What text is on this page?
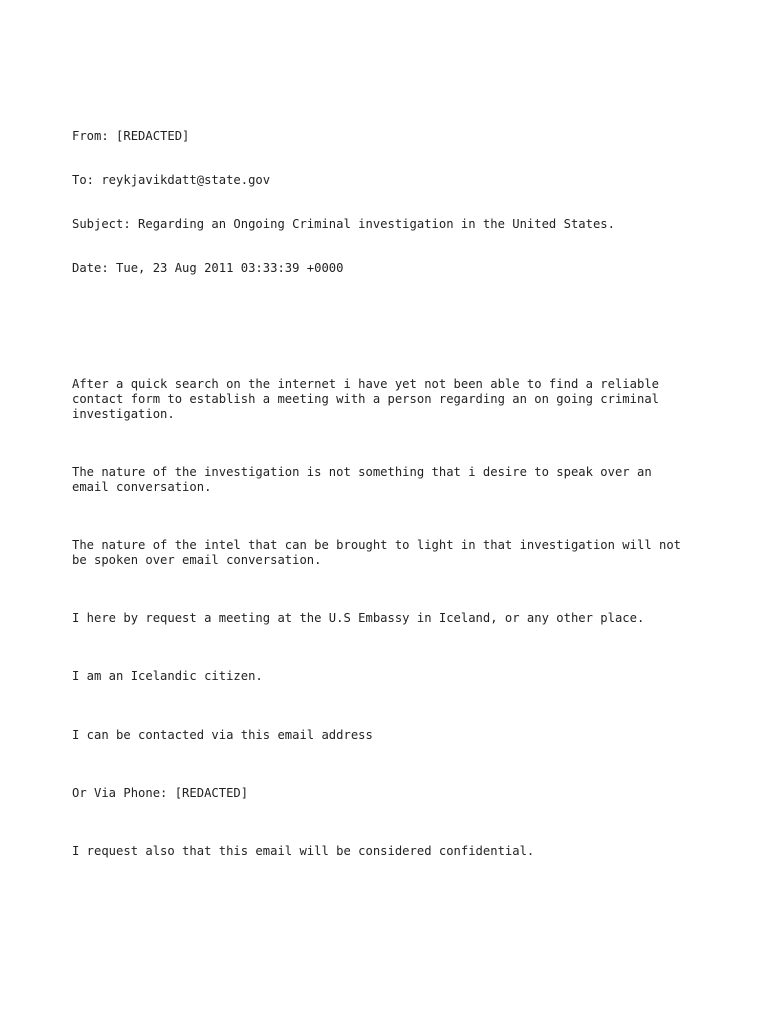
From: [REDACTED]

To: reykjavikdatt@state.gov

Subject: Regarding an Ongoing Criminal investigation in the United States.

Date: Tue, 23 Aug 2011 03:33:39 +0000

After a quick search on the internet i have yet not been able to find a reliable
contact form to establish a meeting with a person regarding an on going criminal
investigation.

The nature of the investigation is not something that i desire to speak over an
email conversation.

The nature of the intel that can be brought to light in that investigation will not
be spoken over email conversation.

I here by request a meeting at the U.S Embassy in Iceland, or any other place.

I am an Icelandic citizen.

I can be contacted via this email address

Or Via Phone: [REDACTED]

I request also that this email will be considered confidential.
